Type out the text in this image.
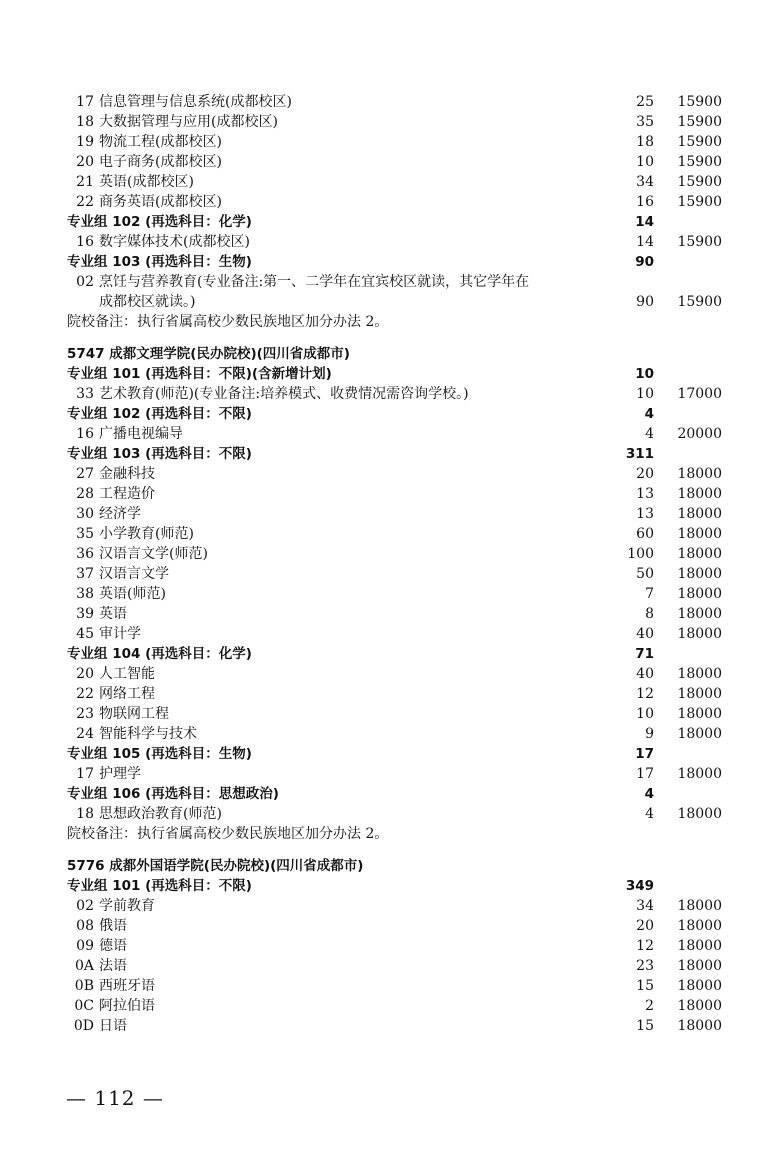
17 信息管理与信息系统(成都校区)	25 15900
18 大数据管理与应用(成都校区)	35 15900
19 物流工程(成都校区)	18 15900
20 电子商务(成都校区)	10 15900
21 英语(成都校区)	34 15900
22 商务英语(成都校区)	16 15900
专业组 102 (再选科目：化学)	14
16 数字媒体技术(成都校区)	14 15900
专业组 103 (再选科目：生物)	90
02 烹饪与营养教育(专业备注:第一、二学年在宜宾校区就读，其它学年在
成都校区就读。)	90 15900
院校备注：执行省属高校少数民族地区加分办法 2。
5747 成都文理学院(民办院校)(四川省成都市)
专业组 101 (再选科目：不限)(含新增计划)	10
33 艺术教育(师范)(专业备注:培养模式、收费情况需咨询学校。)	10 17000
专业组 102 (再选科目：不限)	4
16 广播电视编导	4 20000
专业组 103 (再选科目：不限)	311
27 金融科技	20 18000
28 工程造价	13 18000
30 经济学	13 18000
35 小学教育(师范)	60 18000
36 汉语言文学(师范)	100 18000
37 汉语言文学	50 18000
38 英语(师范)	7 18000
39 英语	8 18000
45 审计学	40 18000
专业组 104 (再选科目：化学)	71
20 人工智能	40 18000
22 网络工程	12 18000
23 物联网工程	10 18000
24 智能科学与技术	9 18000
专业组 105 (再选科目：生物)	17
17 护理学	17 18000
专业组 106 (再选科目：思想政治)	4
18 思想政治教育(师范)	4 18000
院校备注：执行省属高校少数民族地区加分办法 2。
5776 成都外国语学院(民办院校)(四川省成都市)
专业组 101 (再选科目：不限)	349
02 学前教育	34 18000
08 俄语	20 18000
09 德语	12 18000
0A 法语	23 18000
0B 西班牙语	15 18000
0C 阿拉伯语	2 18000
0D 日语	15 18000
— 112 —
